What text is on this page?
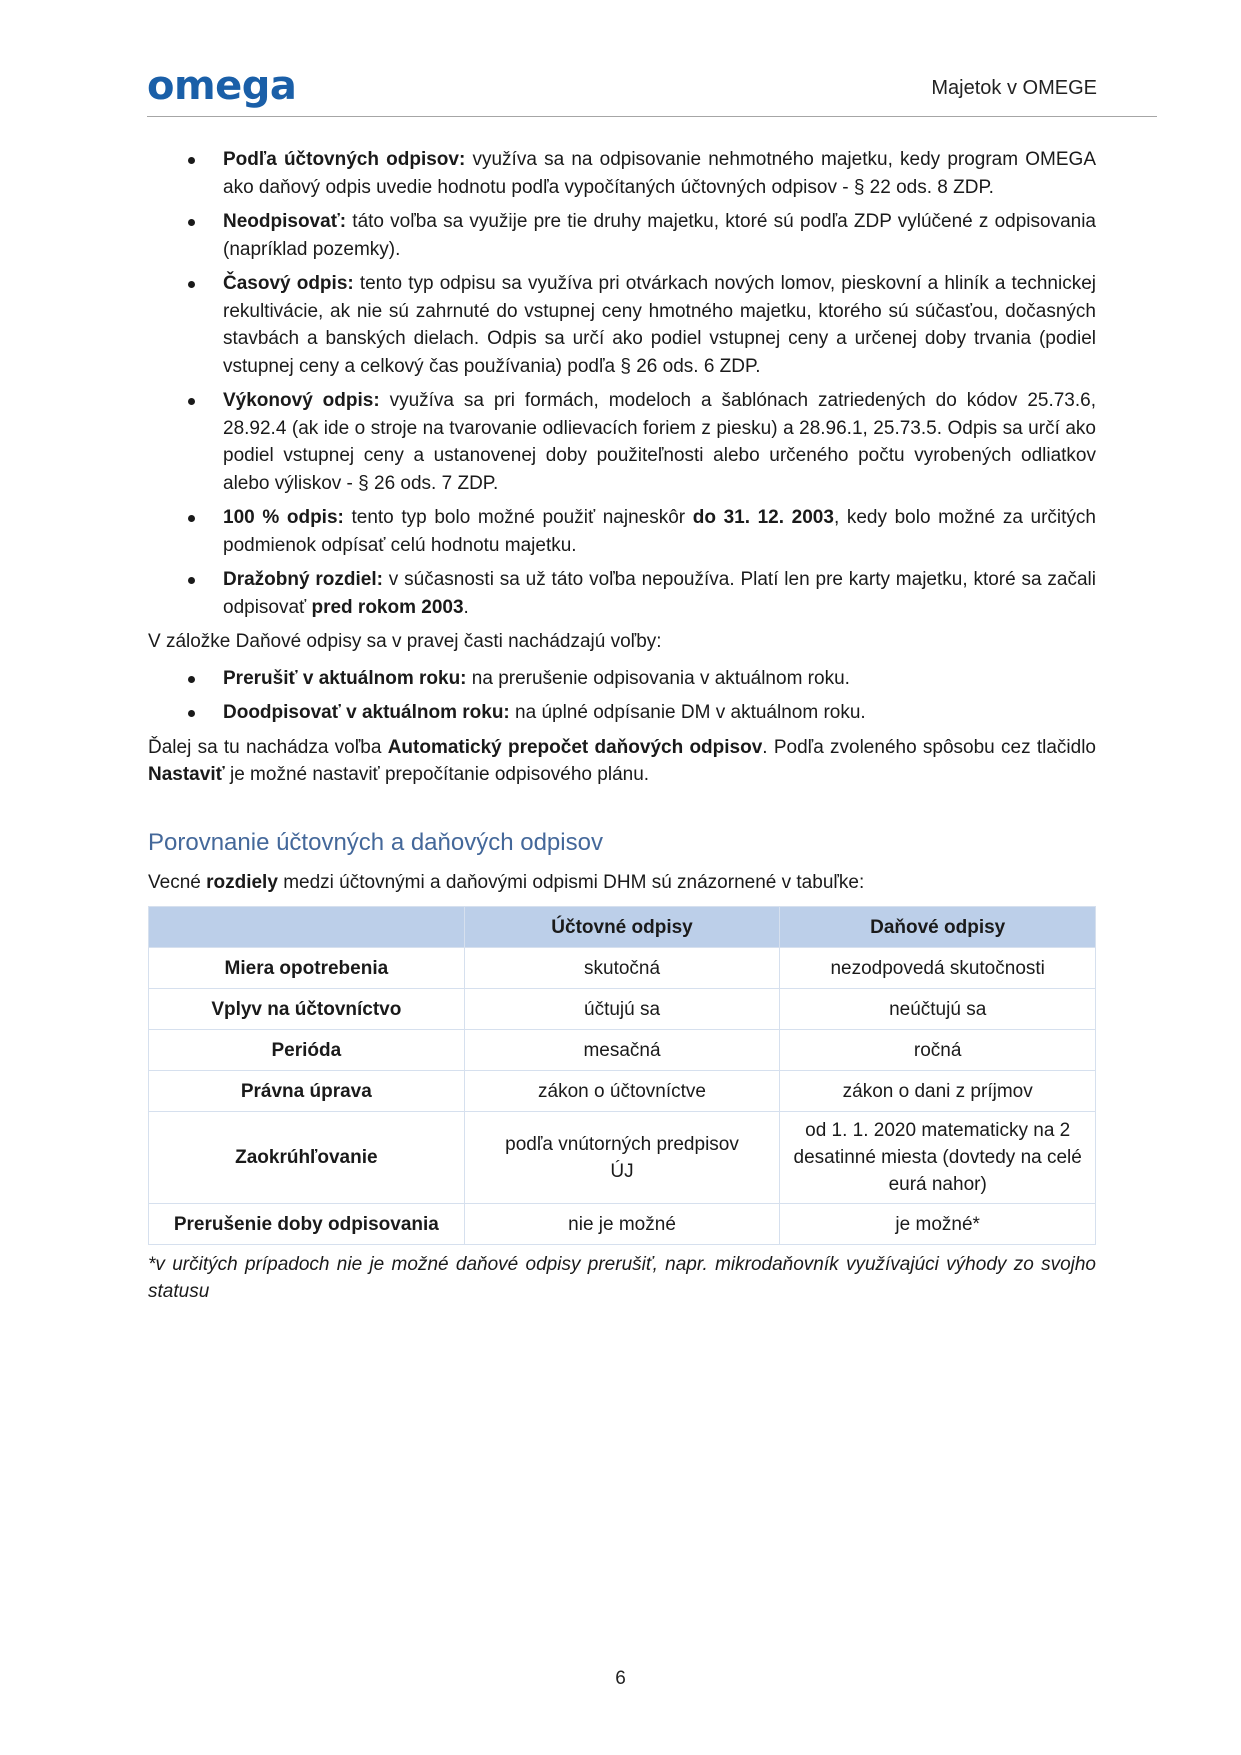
omega	Majetok v OMEGE
Podľa účtovných odpisov: využíva sa na odpisovanie nehmotného majetku, kedy program OMEGA ako daňový odpis uvedie hodnotu podľa vypočítaných účtovných odpisov - § 22 ods. 8 ZDP.
Neodpisovať: táto voľba sa využije pre tie druhy majetku, ktoré sú podľa ZDP vylúčené z odpisovania (napríklad pozemky).
Časový odpis: tento typ odpisu sa využíva pri otvárkach nových lomov, pieskovní a hliník a technickej rekultivácie, ak nie sú zahrnuté do vstupnej ceny hmotného majetku, ktorého sú súčasťou, dočasných stavbách a banských dielach. Odpis sa určí ako podiel vstupnej ceny a určenej doby trvania (podiel vstupnej ceny a celkový čas používania) podľa § 26 ods. 6 ZDP.
Výkonový odpis: využíva sa pri formách, modeloch a šablónach zatriedených do kódov 25.73.6, 28.92.4 (ak ide o stroje na tvarovanie odlievacích foriem z piesku) a 28.96.1, 25.73.5. Odpis sa určí ako podiel vstupnej ceny a ustanovenej doby použiteľnosti alebo určeného počtu vyrobených odliatkov alebo výliskov - § 26 ods. 7 ZDP.
100 % odpis: tento typ bolo možné použiť najneskôr do 31. 12. 2003, kedy bolo možné za určitých podmienok odpísať celú hodnotu majetku.
Dražobný rozdiel: v súčasnosti sa už táto voľba nepoužíva. Platí len pre karty majetku, ktoré sa začali odpisovať pred rokom 2003.

V záložke Daňové odpisy sa v pravej časti nachádzajú voľby:

Prerušiť v aktuálnom roku: na prerušenie odpisovania v aktuálnom roku.
Doodpisovať v aktuálnom roku: na úplné odpísanie DM v aktuálnom roku.

Ďalej sa tu nachádza voľba Automatický prepočet daňových odpisov. Podľa zvoleného spôsobu cez tlačidlo Nastaviť je možné nastaviť prepočítanie odpisového plánu.

Porovnanie účtovných a daňových odpisov

Vecné rozdiely medzi účtovnými a daňovými odpismi DHM sú znázornené v tabuľke:

	Účtovné odpisy	Daňové odpisy
Miera opotrebenia	skutočná	nezodpovedá skutočnosti
Vplyv na účtovníctvo	účtujú sa	neúčtujú sa
Perióda	mesačná	ročná
Právna úprava	zákon o účtovníctve	zákon o dani z príjmov
Zaokrúhľovanie	podľa vnútorných predpisov ÚJ	od 1. 1. 2020 matematicky na 2 desatinné miesta (dovtedy na celé eurá nahor)
Prerušenie doby odpisovania	nie je možné	je možné*

*v určitých prípadoch nie je možné daňové odpisy prerušiť, napr. mikrodaňovník využívajúci výhody zo svojho statusu

6
